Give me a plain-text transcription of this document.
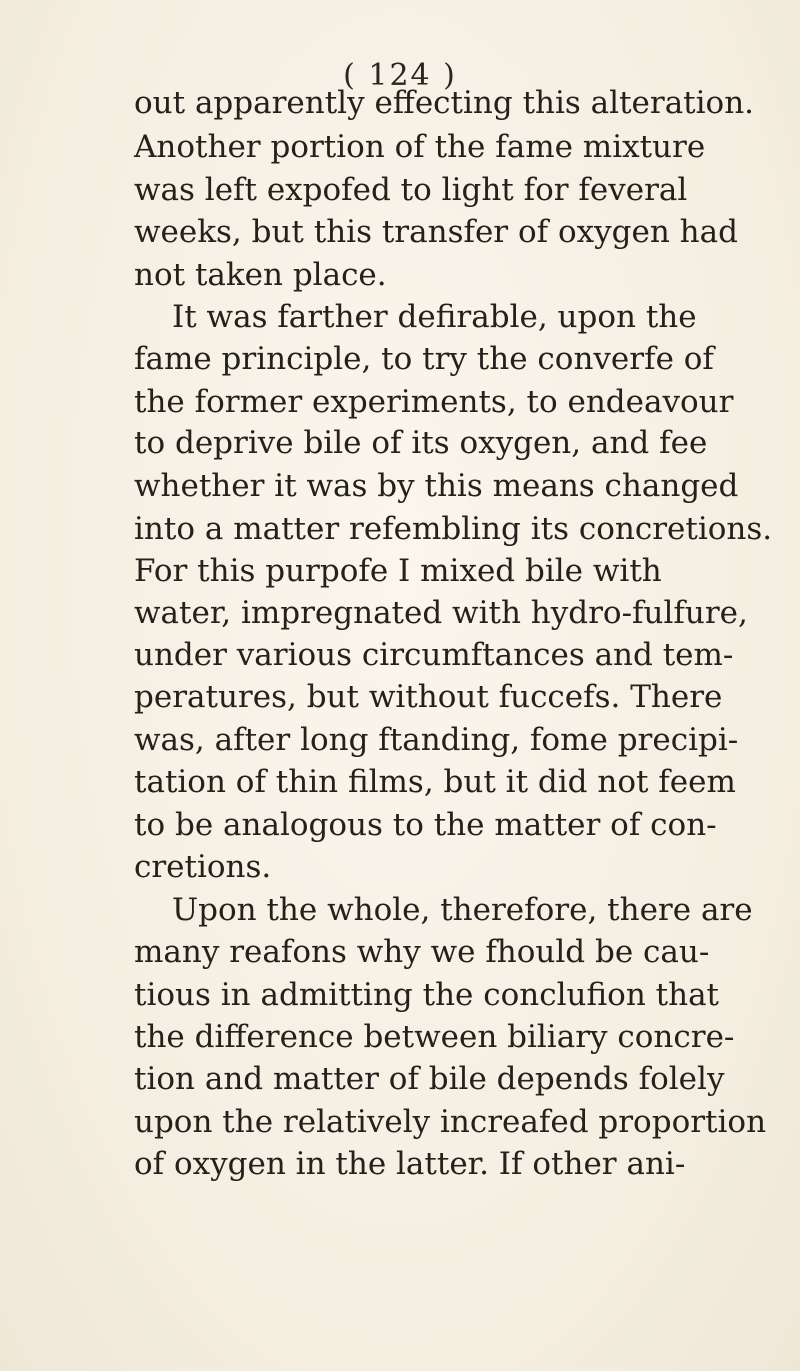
( 124 )

out apparently effecting this alteration.

Another portion of the fame mixture

was left expofed to light for feveral

weeks, but this transfer of oxygen had

not taken place.

It was farther defirable, upon the

fame principle, to try the converfe of

the former experiments, to endeavour

to deprive bile of its oxygen, and fee

whether it was by this means changed

into a matter refembling its concretions.

For this purpofe I mixed bile with

water, impregnated with hydro-fulfure,

under various circumftances and tem-

peratures, but without fuccefs. There

was, after long ftanding, fome precipi-

tation of thin films, but it did not feem

to be analogous to the matter of con-

cretions.

Upon the whole, therefore, there are

many reafons why we fhould be cau-

tious in admitting the conclufion that

the difference between biliary concre-

tion and matter of bile depends folely

upon the relatively increafed proportion

of oxygen in the latter. If other ani-
